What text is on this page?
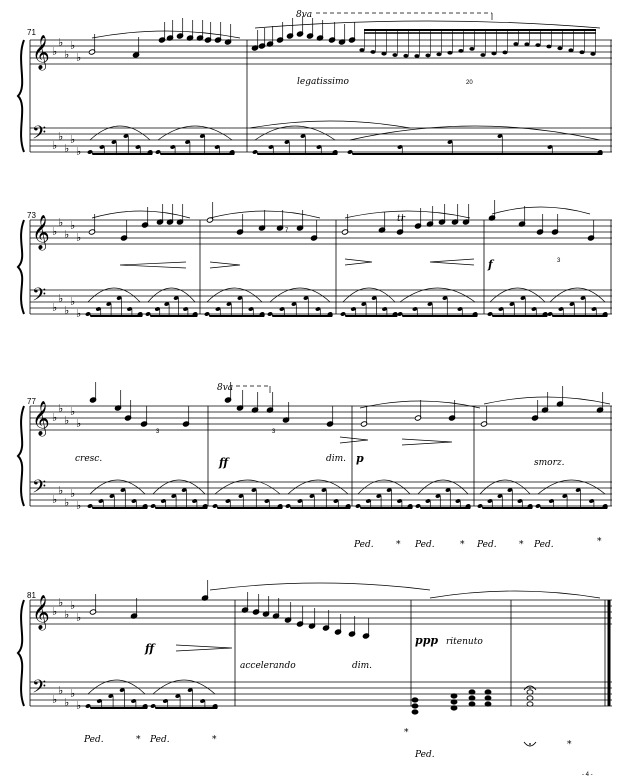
𝄞 ♭
♭
♭
♭
♭
𝄢 ♭
♭
♭
♭
♭
𝄞 ♭
♭
♭
♭
♭
𝄢 ♭
♭
♭
♭
♭
𝄞 ♭
♭
♭
♭
♭
𝄢 ♭
♭
♭
♭
♭
𝄞 ♭
♭
♭
♭
♭
𝄢 ♭
♭
♭
♭
♭
71
8va
legatissimo	20
73
7
tr
f	3
77
8va
3	3
cresc.	ff	dim. p	smorz.
Ped. * Ped.	* Ped. * Ped.	*
81
ff
accelerando	dim.
ppp ritenuto
Ped.	* Ped.	*
*
Ped.
*
- 4 -
